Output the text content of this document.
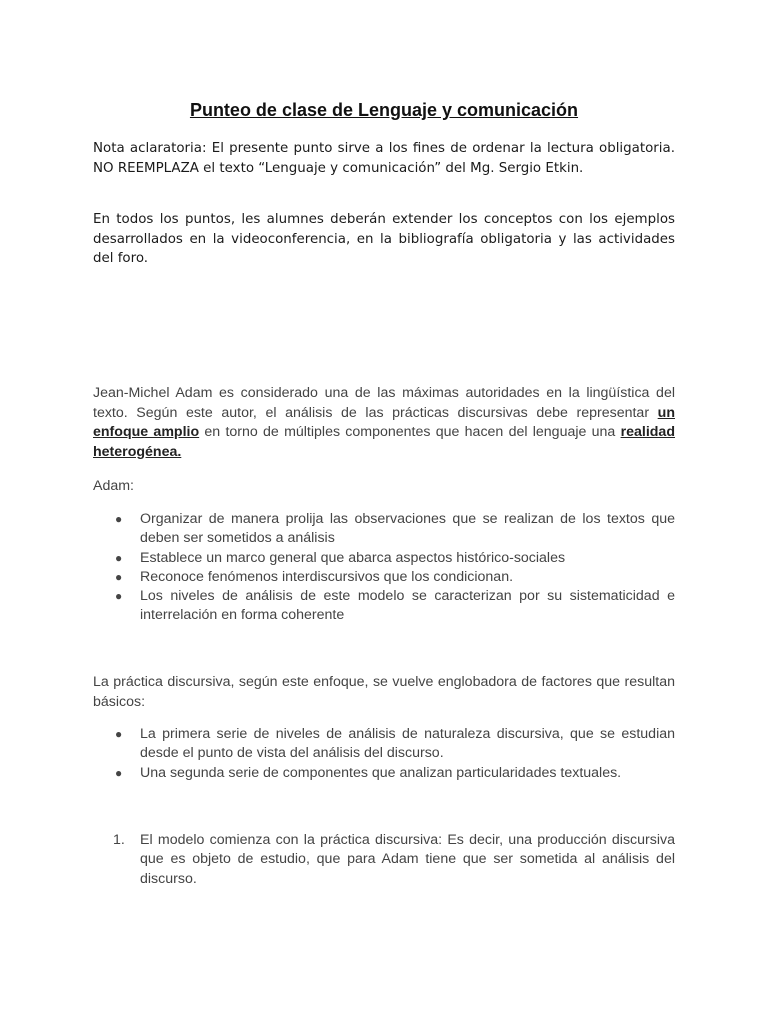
Punteo de clase de Lenguaje y comunicación

Nota aclaratoria: El presente punto sirve a los fines de ordenar la lectura obligatoria. NO REEMPLAZA el texto “Lenguaje y comunicación” del Mg. Sergio Etkin.

En todos los puntos, les alumnes deberán extender los conceptos con los ejemplos desarrollados en la videoconferencia, en la bibliografía obligatoria y las actividades del foro.

Jean-Michel Adam es considerado una de las máximas autoridades en la lingüística del texto. Según este autor, el análisis de las prácticas discursivas debe representar un enfoque amplio en torno de múltiples componentes que hacen del lenguaje una realidad heterogénea.

Adam:

● Organizar de manera prolija las observaciones que se realizan de los textos que deben ser sometidos a análisis
● Establece un marco general que abarca aspectos histórico-sociales
● Reconoce fenómenos interdiscursivos que los condicionan.
● Los niveles de análisis de este modelo se caracterizan por su sistematicidad e interrelación en forma coherente

La práctica discursiva, según este enfoque, se vuelve englobadora de factores que resultan básicos:

● La primera serie de niveles de análisis de naturaleza discursiva, que se estudian desde el punto de vista del análisis del discurso.
● Una segunda serie de componentes que analizan particularidades textuales.
1. El modelo comienza con la práctica discursiva: Es decir, una producción discursiva que es objeto de estudio, que para Adam tiene que ser sometida al análisis del discurso.
